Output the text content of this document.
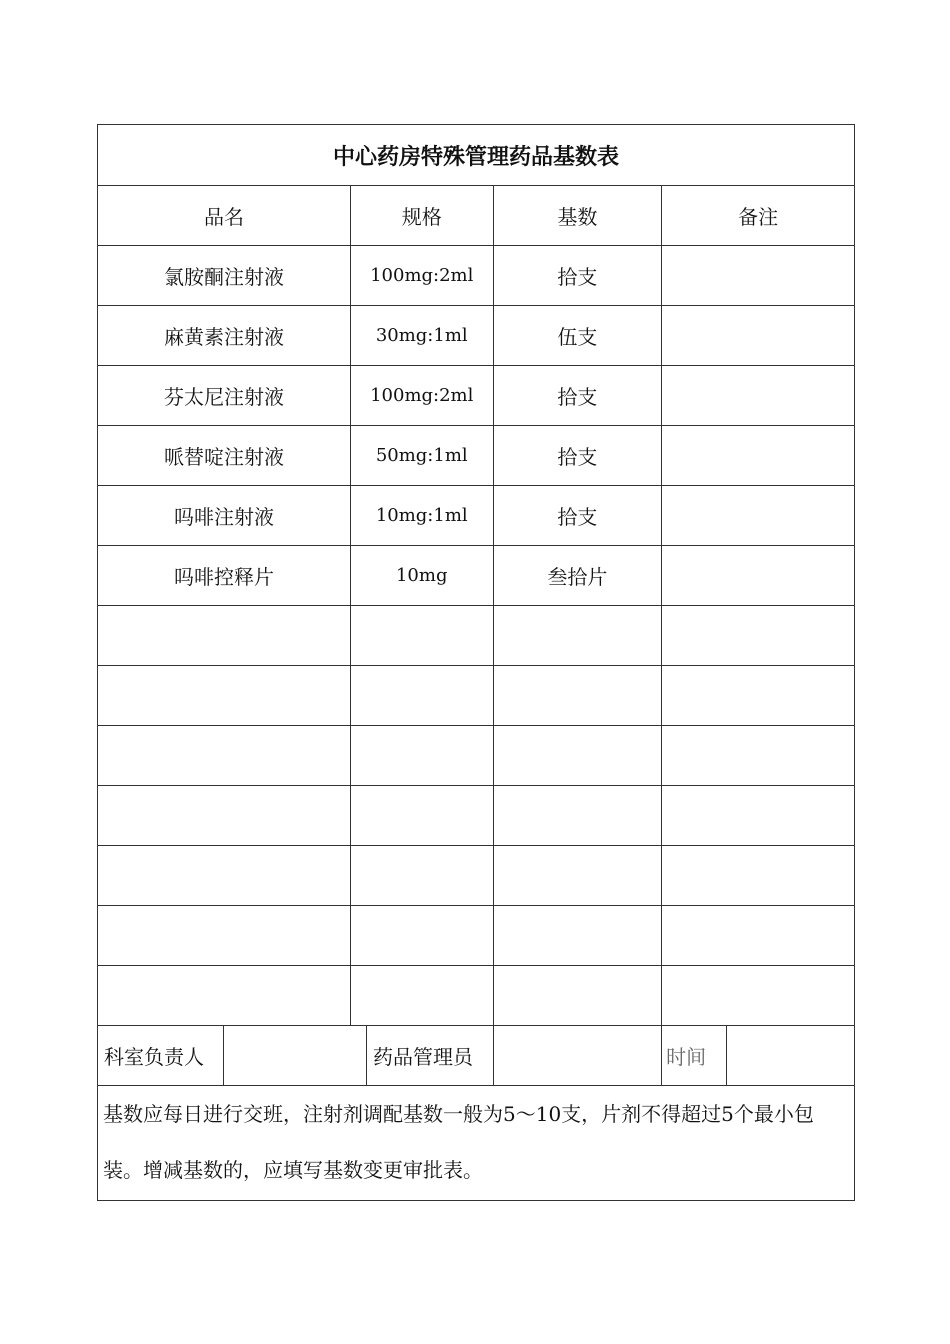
中心药房特殊管理药品基数表						
品名		规格		基数	备注	
氯胺酮注射液		100mg:2ml		拾支		
麻黄素注射液		30mg:1ml		伍支		
芬太尼注射液		100mg:2ml		拾支		
哌替啶注射液		50mg:1ml		拾支		
吗啡注射液		10mg:1ml		拾支		
吗啡控释片		10mg		叁拾片		

科室负责人			药品管理员		时间	
基数应每日进行交班，注射剂调配基数一般为5～10支，片剂不得超过5个最小包装。增减基数的，应填写基数变更审批表。						
